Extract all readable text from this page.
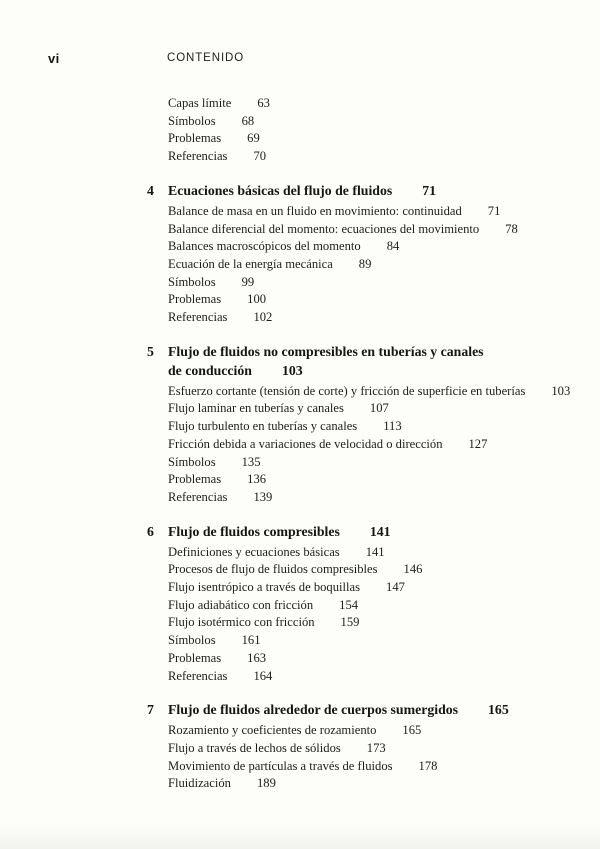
vi	CONTENIDO
Capas límite 63
Símbolos 68
Problemas 69
Referencias 70
4 Ecuaciones básicas del flujo de fluidos 71
Balance de masa en un fluido en movimiento: continuidad 71
Balance diferencial del momento: ecuaciones del movimiento 78
Balances macroscópicos del momento 84
Ecuación de la energía mecánica 89
Símbolos 99
Problemas 100
Referencias 102
5 Flujo de fluidos no compresibles en tuberías y canales
de conducción 103
Esfuerzo cortante (tensión de corte) y fricción de superficie en tuberías 103
Flujo laminar en tuberías y canales 107
Flujo turbulento en tuberías y canales 113
Fricción debida a variaciones de velocidad o dirección 127
Símbolos 135
Problemas 136
Referencias 139
6 Flujo de fluidos compresibles 141
Definiciones y ecuaciones básicas 141
Procesos de flujo de fluidos compresibles 146
Flujo isentrópico a través de boquillas 147
Flujo adiabático con fricción 154
Flujo isotérmico con fricción 159
Símbolos 161
Problemas 163
Referencias 164
7 Flujo de fluidos alrededor de cuerpos sumergidos 165
Rozamiento y coeficientes de rozamiento 165
Flujo a través de lechos de sólidos 173
Movimiento de partículas a través de fluidos 178
Fluidización 189
